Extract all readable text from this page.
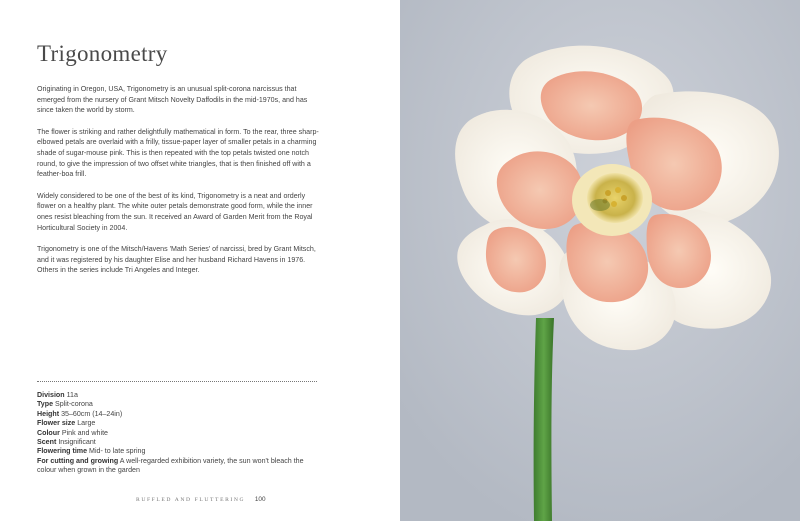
Trigonometry

Originating in Oregon, USA, Trigonometry is an unusual split-corona narcissus that emerged from the nursery of Grant Mitsch Novelty Daffodils in the mid-1970s, and has since taken the world by storm.

The flower is striking and rather delightfully mathematical in form. To the rear, three sharp-elbowed petals are overlaid with a frilly, tissue-paper layer of smaller petals in a charming shade of sugar-mouse pink. This is then repeated with the top petals twisted one notch round, to give the impression of two offset white triangles, that is then finished off with a feather-boa frill.

Widely considered to be one of the best of its kind, Trigonometry is a neat and orderly flower on a healthy plant. The white outer petals demonstrate good form, while the inner ones resist bleaching from the sun. It received an Award of Garden Merit from the Royal Horticultural Society in 2004.

Trigonometry is one of the Mitsch/Havens 'Math Series' of narcissi, bred by Grant Mitsch, and it was registered by his daughter Elise and her husband Richard Havens in 1976. Others in the series include Tri Angeles and Integer.

Division 11a
Type Split-corona
Height 35–60cm (14–24in)
Flower size Large
Colour Pink and white
Scent Insignificant
Flowering time Mid- to late spring
For cutting and growing A well-regarded exhibition variety, the sun won't bleach the colour when grown in the garden
RUFFLED AND FLUTTERING 100
